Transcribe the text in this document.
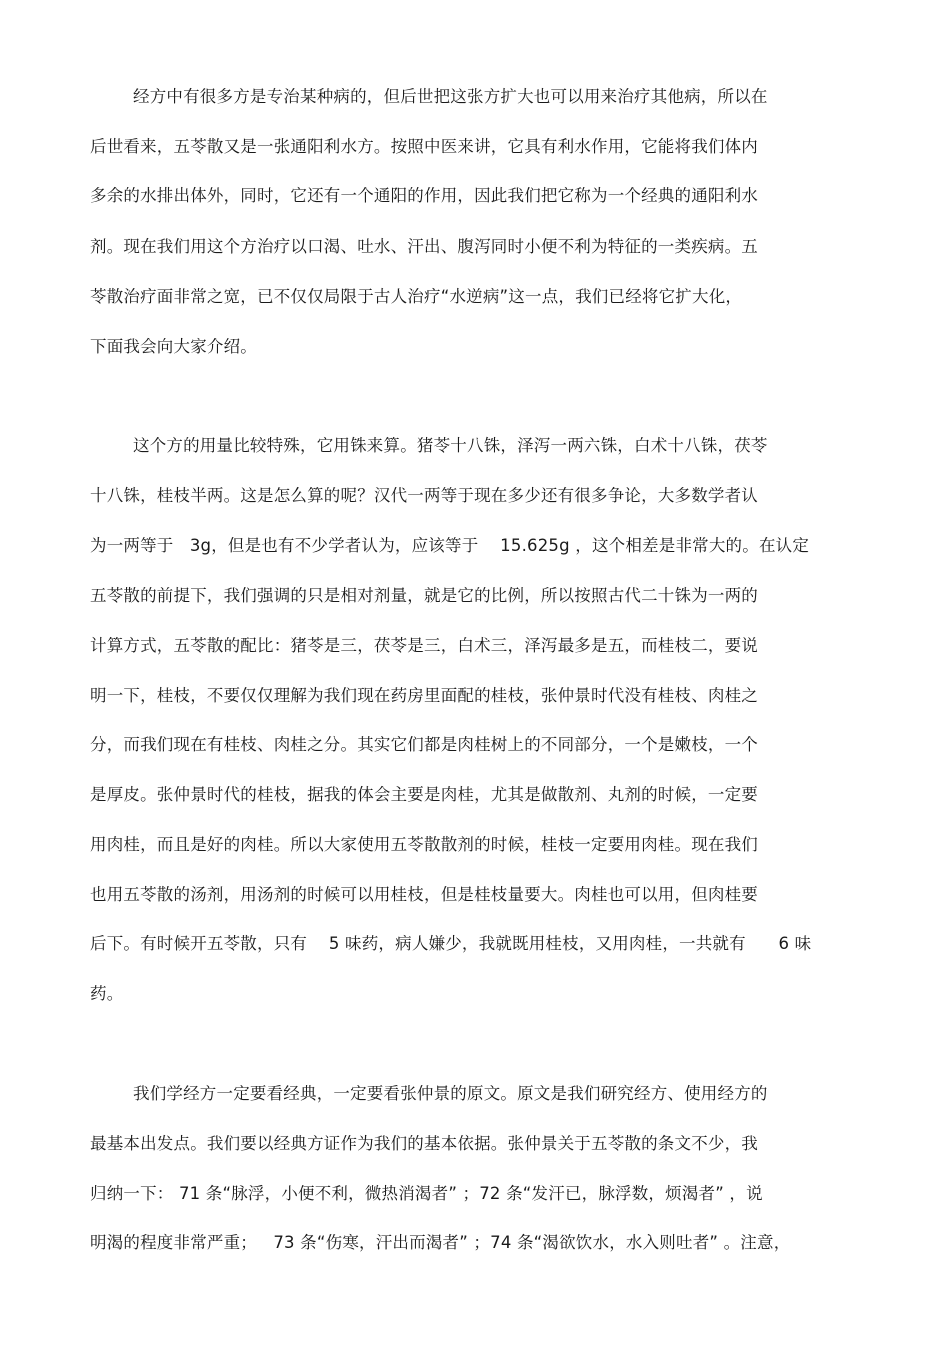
经方中有很多方是专治某种病的，但后世把这张方扩大也可以用来治疗其他病，所以在
后世看来，五苓散又是一张通阳利水方。按照中医来讲，它具有利水作用，它能将我们体内
多余的水排出体外，同时，它还有一个通阳的作用，因此我们把它称为一个经典的通阳利水
剂。现在我们用这个方治疗以口渴、吐水、汗出、腹泻同时小便不利为特征的一类疾病。五
苓散治疗面非常之宽，已不仅仅局限于古人治疗“水逆病”这一点，我们已经将它扩大化，
下面我会向大家介绍。
这个方的用量比较特殊，它用铢来算。猪苓十八铢，泽泻一两六铢，白术十八铢，茯苓
十八铢，桂枝半两。这是怎么算的呢？汉代一两等于现在多少还有很多争论，大多数学者认
为一两等于   3g，但是也有不少学者认为，应该等于    15.625g ，这个相差是非常大的。在认定
五苓散的前提下，我们强调的只是相对剂量，就是它的比例，所以按照古代二十铢为一两的
计算方式，五苓散的配比：猪苓是三，茯苓是三，白术三，泽泻最多是五，而桂枝二，要说
明一下，桂枝，不要仅仅理解为我们现在药房里面配的桂枝，张仲景时代没有桂枝、肉桂之
分，而我们现在有桂枝、肉桂之分。其实它们都是肉桂树上的不同部分，一个是嫩枝，一个
是厚皮。张仲景时代的桂枝，据我的体会主要是肉桂，尤其是做散剂、丸剂的时候，一定要
用肉桂，而且是好的肉桂。所以大家使用五苓散散剂的时候，桂枝一定要用肉桂。现在我们
也用五苓散的汤剂，用汤剂的时候可以用桂枝，但是桂枝量要大。肉桂也可以用，但肉桂要
后下。有时候开五苓散，只有    5 味药，病人嫌少，我就既用桂枝，又用肉桂，一共就有      6 味
药。
我们学经方一定要看经典，一定要看张仲景的原文。原文是我们研究经方、使用经方的
最基本出发点。我们要以经典方证作为我们的基本依据。张仲景关于五苓散的条文不少，我
归纳一下： 71 条“脉浮，小便不利，微热消渴者” ；72 条“发汗已，脉浮数，烦渴者” ，说
明渴的程度非常严重；   73 条“伤寒，汗出而渴者” ；74 条“渴欲饮水，水入则吐者” 。注意，
